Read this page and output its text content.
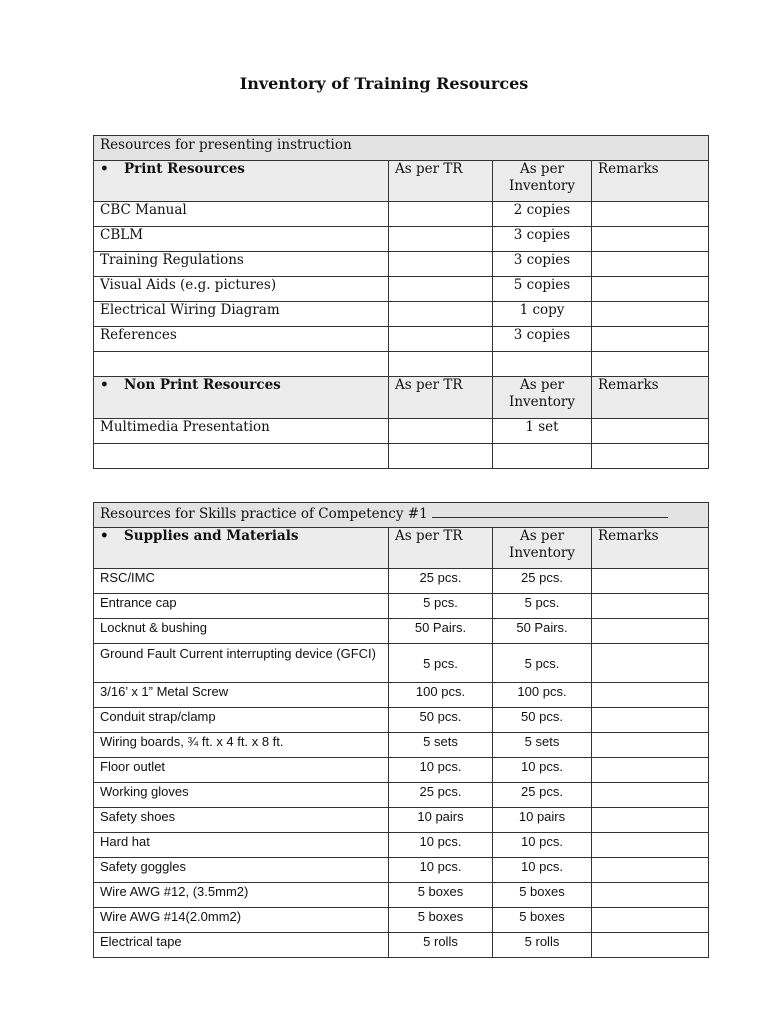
Inventory of Training Resources
Resources for presenting instruction			
• Print Resources	As per TR	As per Inventory	Remarks
CBC Manual		2 copies	
CBLM		3 copies	
Training Regulations		3 copies	
Visual Aids (e.g. pictures)		5 copies	
Electrical Wiring Diagram		1 copy	
References		3 copies	

• Non Print Resources	As per TR	As per Inventory	Remarks
Multimedia Presentation		1 set	

Resources for Skills practice of Competency #1			
• Supplies and Materials	As per TR	As per Inventory	Remarks
RSC/IMC	25 pcs.	25 pcs.	
Entrance cap	5 pcs.	5 pcs.	
Locknut & bushing	50 Pairs.	50 Pairs.	
Ground Fault Current interrupting device (GFCI)	5 pcs.	5 pcs.	
3/16’ x 1” Metal Screw	100 pcs.	100 pcs.	
Conduit strap/clamp	50 pcs.	50 pcs.	
Wiring boards, ¾ ft. x 4 ft. x 8 ft.	5 sets	5 sets	
Floor outlet	10 pcs.	10 pcs.	
Working gloves	25 pcs.	25 pcs.	
Safety shoes	10 pairs	10 pairs	
Hard hat	10 pcs.	10 pcs.	
Safety goggles	10 pcs.	10 pcs.	
Wire AWG #12, (3.5mm2)	5 boxes	5 boxes	
Wire AWG #14(2.0mm2)	5 boxes	5 boxes	
Electrical tape	5 rolls	5 rolls	
